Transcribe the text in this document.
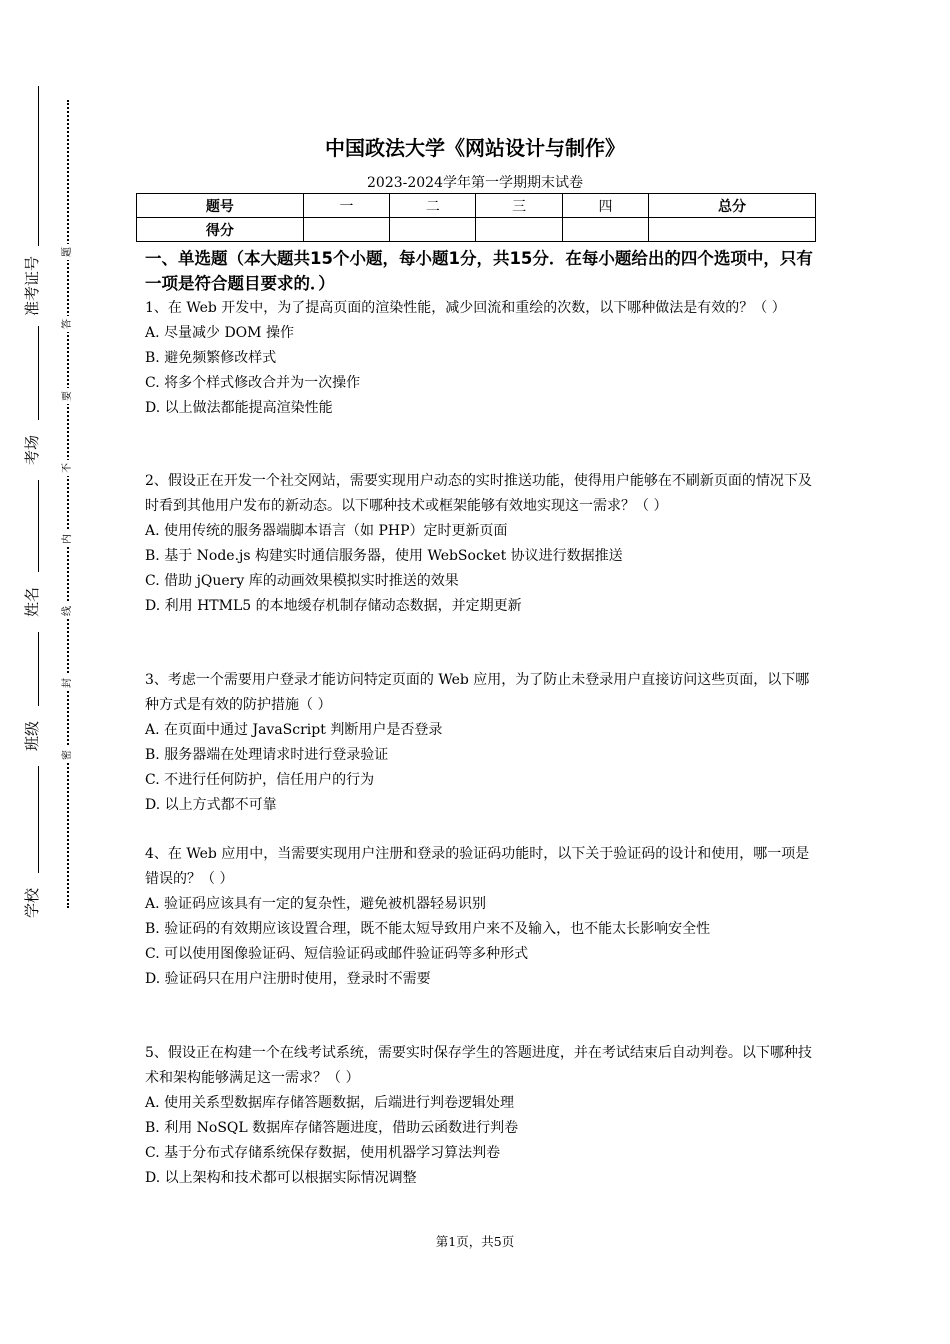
准考证号
考场
姓名
班级
学校
题
答
要
不
内
线
封
密
中国政法大学《网站设计与制作》
2023-2024学年第一学期期末试卷
题号	一	二	三	四	总分
得分					
一、单选题（本大题共15个小题，每小题1分，共15分．在每小题给出的四个选项中，只有一项是符合题目要求的．）

1、在 Web 开发中，为了提高页面的渲染性能，减少回流和重绘的次数，以下哪种做法是有效的？（ ）

A. 尽量减少 DOM 操作

B. 避免频繁修改样式

C. 将多个样式修改合并为一次操作

D. 以上做法都能提高渲染性能

2、假设正在开发一个社交网站，需要实现用户动态的实时推送功能，使得用户能够在不刷新页面的情况下及时看到其他用户发布的新动态。以下哪种技术或框架能够有效地实现这一需求？（ ）

A. 使用传统的服务器端脚本语言（如 PHP）定时更新页面

B. 基于 Node.js 构建实时通信服务器，使用 WebSocket 协议进行数据推送

C. 借助 jQuery 库的动画效果模拟实时推送的效果

D. 利用 HTML5 的本地缓存机制存储动态数据，并定期更新

3、考虑一个需要用户登录才能访问特定页面的 Web 应用，为了防止未登录用户直接访问这些页面，以下哪种方式是有效的防护措施（ ）

A. 在页面中通过 JavaScript 判断用户是否登录

B. 服务器端在处理请求时进行登录验证

C. 不进行任何防护，信任用户的行为

D. 以上方式都不可靠

4、在 Web 应用中，当需要实现用户注册和登录的验证码功能时，以下关于验证码的设计和使用，哪一项是错误的？（ ）

A. 验证码应该具有一定的复杂性，避免被机器轻易识别

B. 验证码的有效期应该设置合理，既不能太短导致用户来不及输入，也不能太长影响安全性

C. 可以使用图像验证码、短信验证码或邮件验证码等多种形式

D. 验证码只在用户注册时使用，登录时不需要

5、假设正在构建一个在线考试系统，需要实时保存学生的答题进度，并在考试结束后自动判卷。以下哪种技术和架构能够满足这一需求？（ ）

A. 使用关系型数据库存储答题数据，后端进行判卷逻辑处理

B. 利用 NoSQL 数据库存储答题进度，借助云函数进行判卷

C. 基于分布式存储系统保存数据，使用机器学习算法判卷

D. 以上架构和技术都可以根据实际情况调整

第1页，共5页
